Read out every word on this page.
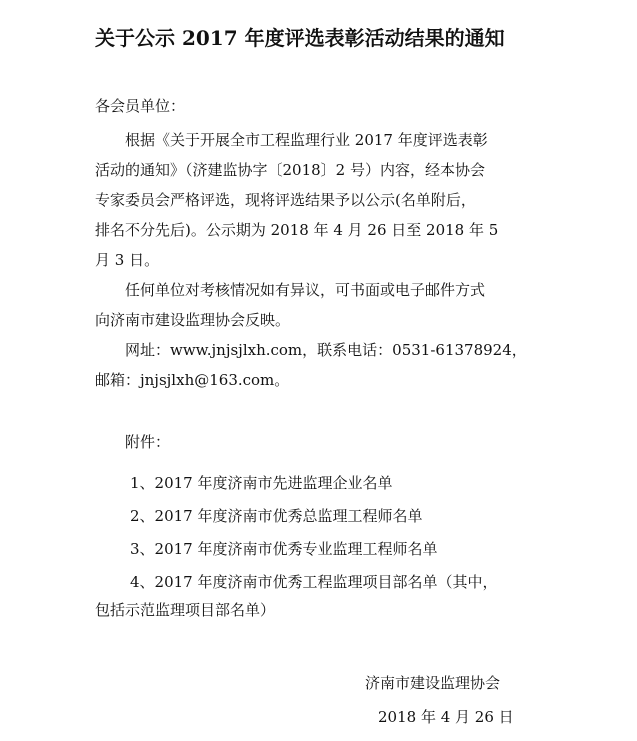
关于公示 2017 年度评选表彰活动结果的通知
各会员单位：

根据《关于开展全市工程监理行业 2017 年度评选表彰
活动的通知》（济建监协字〔2018〕2 号）内容，经本协会
专家委员会严格评选，现将评选结果予以公示(名单附后，
排名不分先后)。公示期为 2018 年 4 月 26 日至 2018 年 5
月 3 日。

任何单位对考核情况如有异议，可书面或电子邮件方式
向济南市建设监理协会反映。

网址：www.jnjsjlxh.com，联系电话：0531-61378924，
邮箱：jnjsjlxh@163.com。

附件：
1、2017 年度济南市先进监理企业名单
2、2017 年度济南市优秀总监理工程师名单
3、2017 年度济南市优秀专业监理工程师名单
4、2017 年度济南市优秀工程监理项目部名单（其中，
包括示范监理项目部名单）
济南市建设监理协会
2018 年 4 月 26 日
